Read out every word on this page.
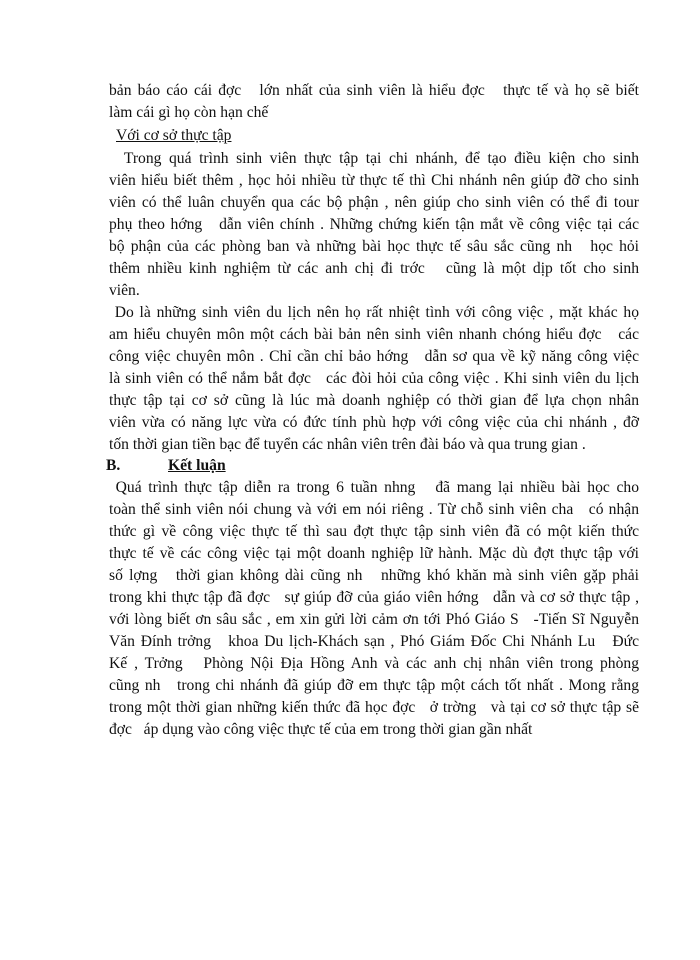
bản báo cáo cái đợc   lớn nhất của sinh viên là hiểu đợc   thực tế và họ sẽ biết
làm cái gì họ còn hạn chế
Với cơ sở thực tập
Trong quá trình sinh viên thực tập tại chi nhánh, để tạo điều kiện cho sinh
viên hiểu biết thêm , học hỏi nhiều từ thực tế thì Chi nhánh nên giúp đỡ cho sinh
viên có thể luân chuyển qua các bộ phận , nên giúp cho sinh viên có thể đi tour
phụ theo hớng   dẫn viên chính . Những chứng kiến tận mắt về công việc tại các
bộ phận của các phòng ban và những bài học thực tế sâu sắc cũng nh   học hỏi
thêm nhiều kinh nghiệm từ các anh chị đi trớc   cũng là một dịp tốt cho sinh
viên.
Do là những sinh viên du lịch nên họ rất nhiệt tình với công việc , mặt khác họ
am hiểu chuyên môn một cách bài bản nên sinh viên nhanh chóng hiểu đợc   các
công việc chuyên môn . Chỉ cần chỉ bảo hớng   dẫn sơ qua về kỹ năng công việc
là sinh viên có thể nắm bắt đợc   các đòi hỏi của công việc . Khi sinh viên du lịch
thực tập tại cơ sở cũng là lúc mà doanh nghiệp có thời gian để lựa chọn nhân
viên vừa có năng lực vừa có đức tính phù hợp với công việc của chi nhánh , đỡ
tốn thời gian tiền bạc để tuyển các nhân viên trên đài báo và qua trung gian .
B.	Kết luận
Quá trình thực tập diễn ra trong 6 tuần nhng   đã mang lại nhiều bài học cho
toàn thể sinh viên nói chung và với em nói riêng . Từ chỗ sinh viên cha   có nhận
thức gì về công việc thực tế thì sau đợt thực tập sinh viên đã có một kiến thức
thực tế về các công việc tại một doanh nghiệp lữ hành. Mặc dù đợt thực tập với
số lợng   thời gian không dài cũng nh   những khó khăn mà sinh viên gặp phải
trong khi thực tập đã đợc   sự giúp đỡ của giáo viên hớng   dẫn và cơ sở thực tập ,
với lòng biết ơn sâu sắc , em xin gửi lời cảm ơn tới Phó Giáo S   -Tiến Sĩ Nguyễn
Văn Đính trởng   khoa Du lịch-Khách sạn , Phó Giám Đốc Chi Nhánh Lu   Đức
Kế , Trởng   Phòng Nội Địa Hồng Anh và các anh chị nhân viên trong phòng
cũng nh   trong chi nhánh đã giúp đỡ em thực tập một cách tốt nhất . Mong rằng
trong một thời gian những kiến thức đã học đợc   ở trờng   và tại cơ sở thực tập sẽ
đợc   áp dụng vào công việc thực tế của em trong thời gian gần nhất
